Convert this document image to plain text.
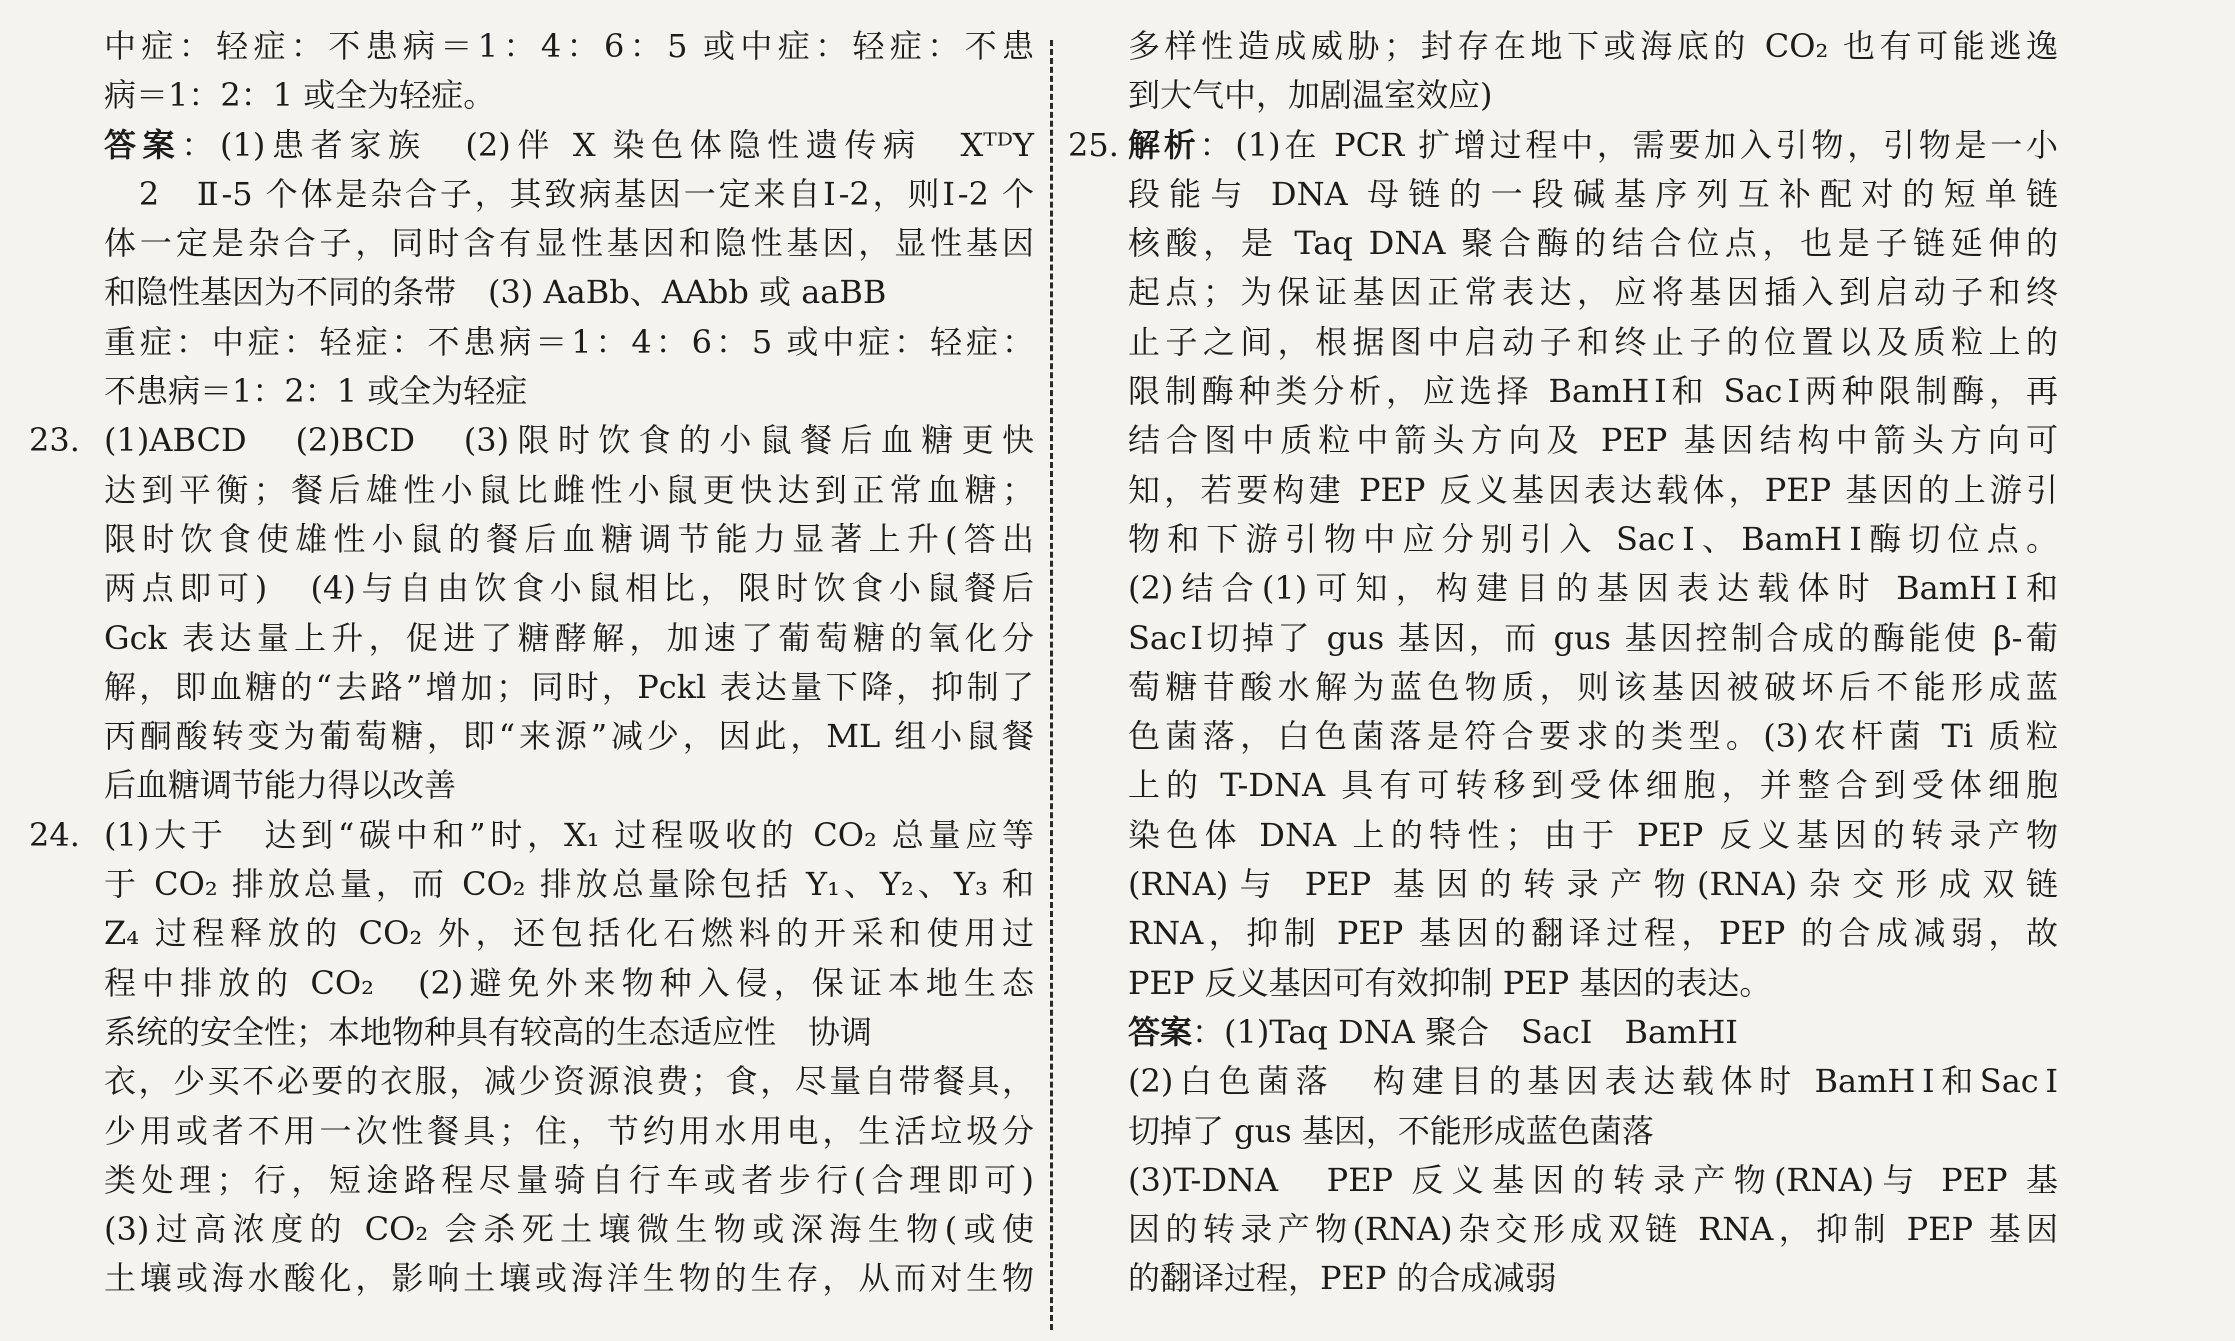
中症：轻症：不患病＝1：4：6：5 或中症：轻症：不患
病＝1：2：1 或全为轻症。
答案：(1)患者家族　(2)伴 X 染色体隐性遗传病　XᵀᴰY
　2　Ⅱ-5 个体是杂合子，其致病基因一定来自Ⅰ-2，则Ⅰ-2 个
体一定是杂合子，同时含有显性基因和隐性基因，显性基因
和隐性基因为不同的条带　(3) AaBb、AAbb 或 aaBB
重症：中症：轻症：不患病＝1：4：6：5 或中症：轻症：
不患病＝1：2：1 或全为轻症
23. (1)ABCD　(2)BCD　(3)限时饮食的小鼠餐后血糖更快
达到平衡；餐后雄性小鼠比雌性小鼠更快达到正常血糖；
限时饮食使雄性小鼠的餐后血糖调节能力显著上升(答出
两点即可)　(4)与自由饮食小鼠相比，限时饮食小鼠餐后
Gck 表达量上升，促进了糖酵解，加速了葡萄糖的氧化分
解，即血糖的“去路”增加；同时，Pckl 表达量下降，抑制了
丙酮酸转变为葡萄糖，即“来源”减少，因此，ML 组小鼠餐
后血糖调节能力得以改善
24. (1)大于　达到“碳中和”时，X₁ 过程吸收的 CO₂ 总量应等
于 CO₂ 排放总量，而 CO₂ 排放总量除包括 Y₁、Y₂、Y₃ 和
Z₄ 过程释放的 CO₂ 外，还包括化石燃料的开采和使用过
程中排放的 CO₂　(2)避免外来物种入侵，保证本地生态
系统的安全性；本地物种具有较高的生态适应性　协调
衣，少买不必要的衣服，减少资源浪费；食，尽量自带餐具，
少用或者不用一次性餐具；住，节约用水用电，生活垃圾分
类处理；行，短途路程尽量骑自行车或者步行(合理即可)
(3)过高浓度的 CO₂ 会杀死土壤微生物或深海生物(或使
土壤或海水酸化，影响土壤或海洋生物的生存，从而对生物
多样性造成威胁；封存在地下或海底的 CO₂ 也有可能逃逸
到大气中，加剧温室效应)
25. 解析：(1)在 PCR 扩增过程中，需要加入引物，引物是一小
段能与 DNA 母链的一段碱基序列互补配对的短单链
核酸，是 Taq DNA 聚合酶的结合位点，也是子链延伸的
起点；为保证基因正常表达，应将基因插入到启动子和终
止子之间，根据图中启动子和终止子的位置以及质粒上的
限制酶种类分析，应选择 BamHⅠ和 SacⅠ两种限制酶，再
结合图中质粒中箭头方向及 PEP 基因结构中箭头方向可
知，若要构建 PEP 反义基因表达载体，PEP 基因的上游引
物和下游引物中应分别引入 SacⅠ、BamHⅠ酶切位点。
(2)结合(1)可知，构建目的基因表达载体时 BamHⅠ和
SacⅠ切掉了 gus 基因，而 gus 基因控制合成的酶能使 β-葡
萄糖苷酸水解为蓝色物质，则该基因被破坏后不能形成蓝
色菌落，白色菌落是符合要求的类型。(3)农杆菌 Ti 质粒
上的 T-DNA 具有可转移到受体细胞，并整合到受体细胞
染色体 DNA 上的特性；由于 PEP 反义基因的转录产物
(RNA)与 PEP 基因的转录产物(RNA)杂交形成双链
RNA，抑制 PEP 基因的翻译过程，PEP 的合成减弱，故
PEP 反义基因可有效抑制 PEP 基因的表达。
答案：(1)Taq DNA 聚合　SacⅠ　BamHⅠ
(2)白色菌落　构建目的基因表达载体时 BamHⅠ和SacⅠ
切掉了 gus 基因，不能形成蓝色菌落
(3)T-DNA　PEP 反义基因的转录产物(RNA)与 PEP 基
因的转录产物(RNA)杂交形成双链 RNA，抑制 PEP 基因
的翻译过程，PEP 的合成减弱
